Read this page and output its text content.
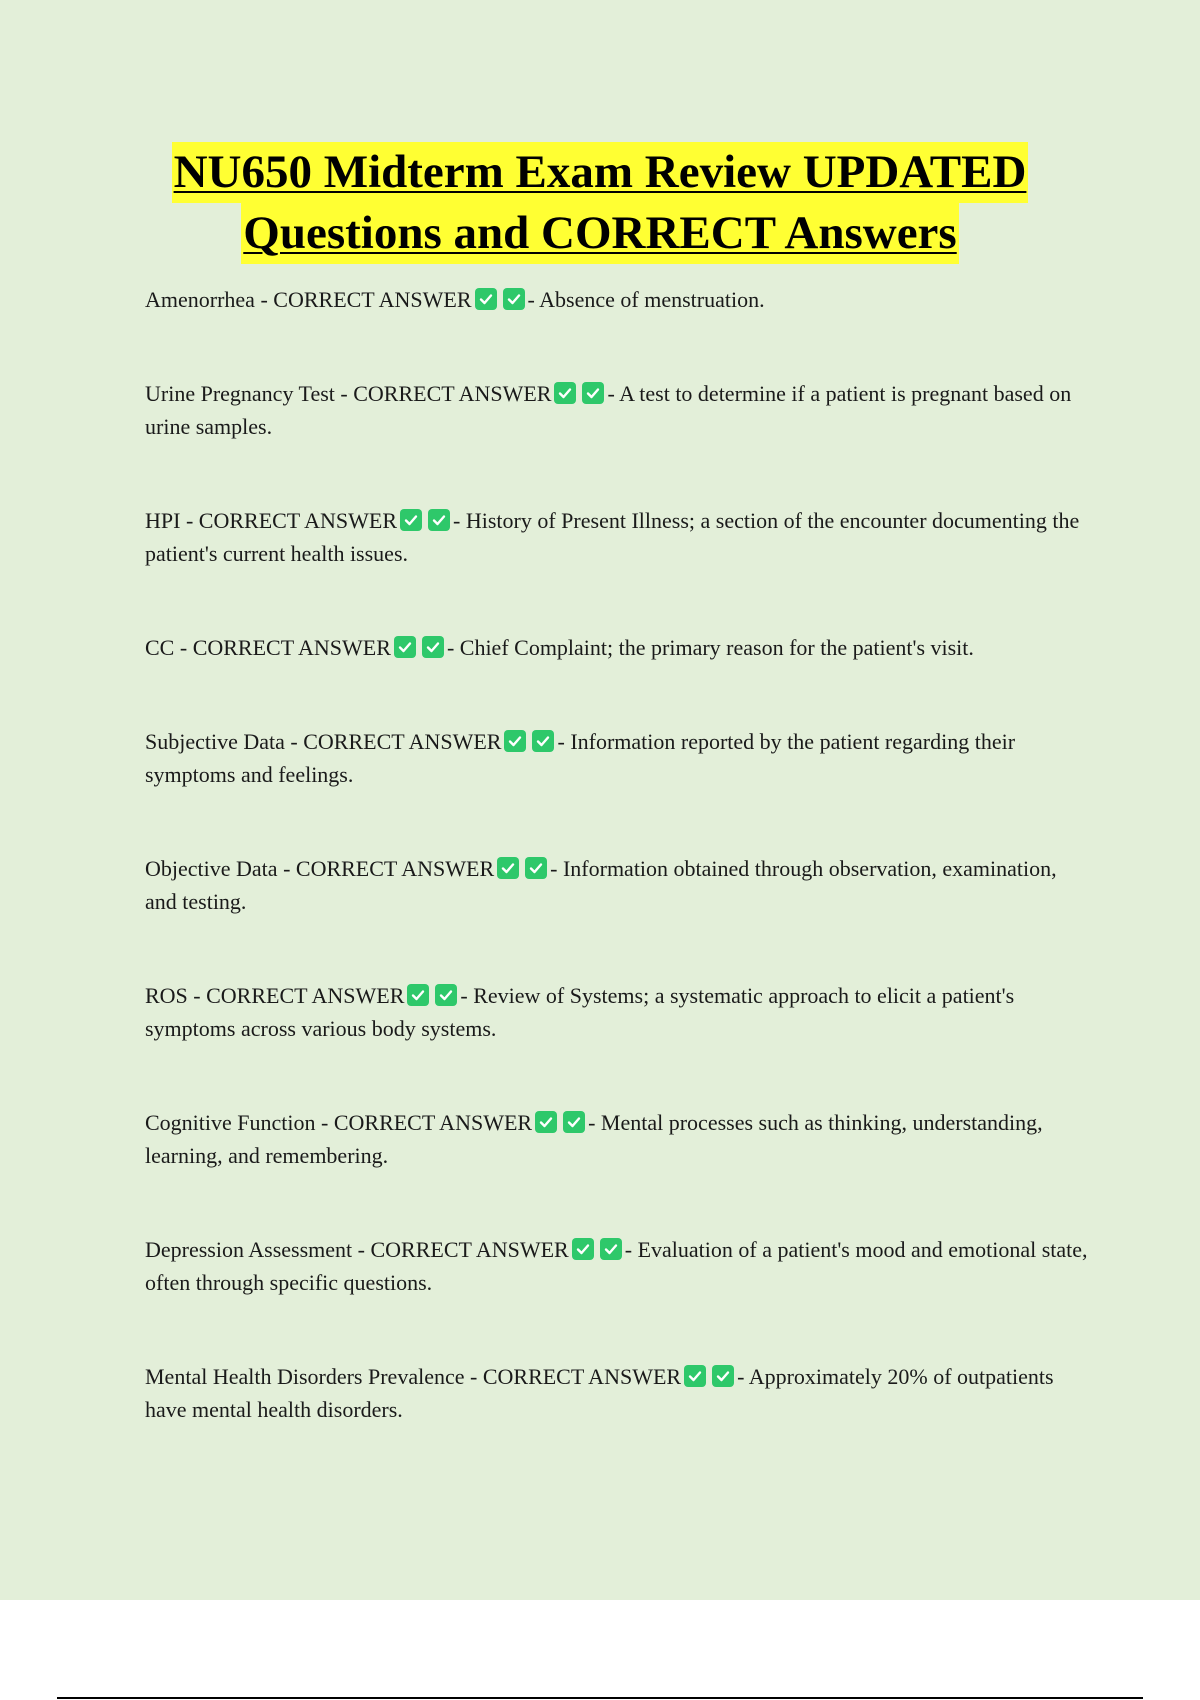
NU650 Midterm Exam Review UPDATED
Questions and CORRECT Answers

Amenorrhea - CORRECT ANSWER	- Absence of menstruation.

Urine Pregnancy Test - CORRECT ANSWER	- A test to determine if a patient is pregnant based on urine samples.

HPI - CORRECT ANSWER	- History of Present Illness; a section of the encounter documenting the patient's current health issues.

CC - CORRECT ANSWER	- Chief Complaint; the primary reason for the patient's visit.

Subjective Data - CORRECT ANSWER	- Information reported by the patient regarding their symptoms and feelings.

Objective Data - CORRECT ANSWER	- Information obtained through observation, examination, and testing.

ROS - CORRECT ANSWER	- Review of Systems; a systematic approach to elicit a patient's symptoms across various body systems.

Cognitive Function - CORRECT ANSWER	- Mental processes such as thinking, understanding, learning, and remembering.

Depression Assessment - CORRECT ANSWER	- Evaluation of a patient's mood and emotional state, often through specific questions.

Mental Health Disorders Prevalence - CORRECT ANSWER	- Approximately 20% of outpatients have mental health disorders.
